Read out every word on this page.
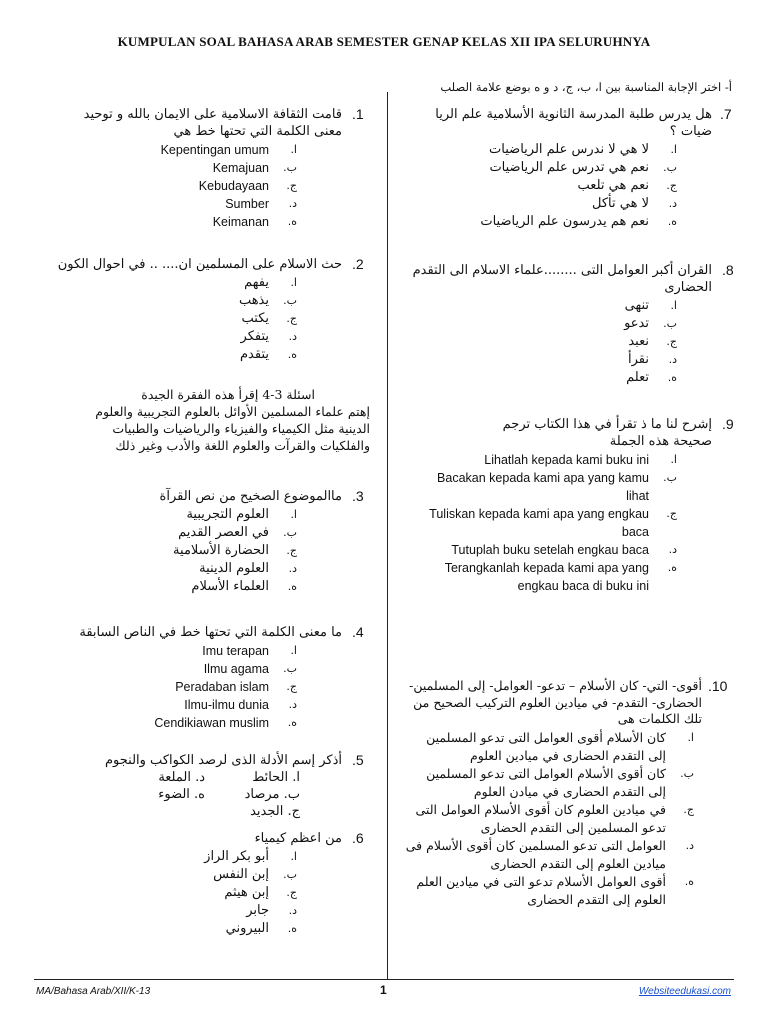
KUMPULAN SOAL BAHASA ARAB SEMESTER GENAP KELAS XII IPA SELURUHNYA
أ- اختر الإجابة المناسبة بين ا، ب، ج، د و ه بوضع علامة الصلب
قامت الثقافة الاسلامية على الايمان بالله و توحيد معنى الكلمة التي تحتها خط هي
ا.
Kepentingan umum
ب.
Kemajuan
ج.
Kebudayaan
د.
Sumber
ه.
Keimanan
.1
حث الاسلام على المسلمين ان.... .. في احوال الكون
ا.
يفهم
ب.
يذهب
ج.
يكتب
د.
يتفكر
ه.
يتقدم
.2
اسئلة 3-4 إقرأ هذه الفقرة الجيدة
إهتم علماء المسلمين الأوائل بالعلوم التجريبية والعلوم الدينية مثل الكيمياء والفيزياء والرياضيات والطبيات والفلكيات والقرآت والعلوم اللغة والأدب وغير ذلك
ماالموضوع الصخيح من نص القرآة
ا.
العلوم التجريبية
ب.
في العصر القديم
ج.
الحضارة الأسلامية
د.
العلوم الدينية
ه.
العلماء الأسلام
.3
ما معنى الكلمة التي تحتها خط في الناص السابقة
ا.
Imu terapan
ب.
Ilmu agama
ج.
Peradaban islam
د.
Ilmu-ilmu dunia
ه.
Cendikiawan muslim
.4
أذكر إسم الأدلة الذى لرصد الكواكب والنجوم
ا. الحائط
د. الملعة
ب. مرصاد
ه. الضوء
ج. الجديد
.5
من اعظم كيمياء
ا.
أبو بكر الراز
ب.
إبن النفس
ج.
إبن هيثم
د.
جابر
ه.
البيروني
.6
هل يدرس طلبة المدرسة الثانوية الأسلامية علم الريا ضيات ؟
ا.
لا هي لا ندرس علم الرياضيات
ب.
نعم هي تدرس علم الرياضيات
ج.
نعم هي تلعب
د.
لا هي تأكل
ه.
نعم هم يدرسون علم الرياضيات
.7
القران أكبر العوامل التى ........علماء الاسلام الى التقدم الحضارى
ا.
تنهى
ب.
تدعو
ج.
نعبد
د.
نقرأ
ه.
تعلم
.8
إشرح لنا ما ذ تقرأ في هذا الكتاب ترجم صحيحة هذه الجملة
ا.
Lihatlah kepada kami buku ini
ب.
Bacakan kepada kami apa yang kamu lihat
ج.
Tuliskan kepada kami apa yang engkau baca
د.
Tutuplah buku setelah engkau baca
ه.
Terangkanlah kepada kami apa yang engkau baca di buku ini
.9
أقوى- التي- كان الأسلام – تدعو- العوامل- إلى المسلمين- الحضارى- التقدم- في ميادين العلوم التركيب الصحيح من تلك الكلمات هى
ا.
كان الأسلام أقوى العوامل التى تدعو المسلمين إلى التقدم الحضارى في ميادين العلوم
ب.
كان أقوى الأسلام العوامل التى تدعو المسلمين إلى التقدم الحضارى في ميادن العلوم
ج.
في ميادين العلوم كان أقوى الأسلام العوامل التى تدعو المسلمين إلى التقدم الحضارى
د.
العوامل التى تدعو المسلمين كان أقوى الأسلام فى ميادين العلوم إلى التقدم الحضارى
ه.
أقوى العوامل الأسلام تدعو التى في ميادين العلم العلوم إلى التقدم الحضارى
.10
MA/Bahasa Arab/XII/K-13	1	Websiteedukasi.com
